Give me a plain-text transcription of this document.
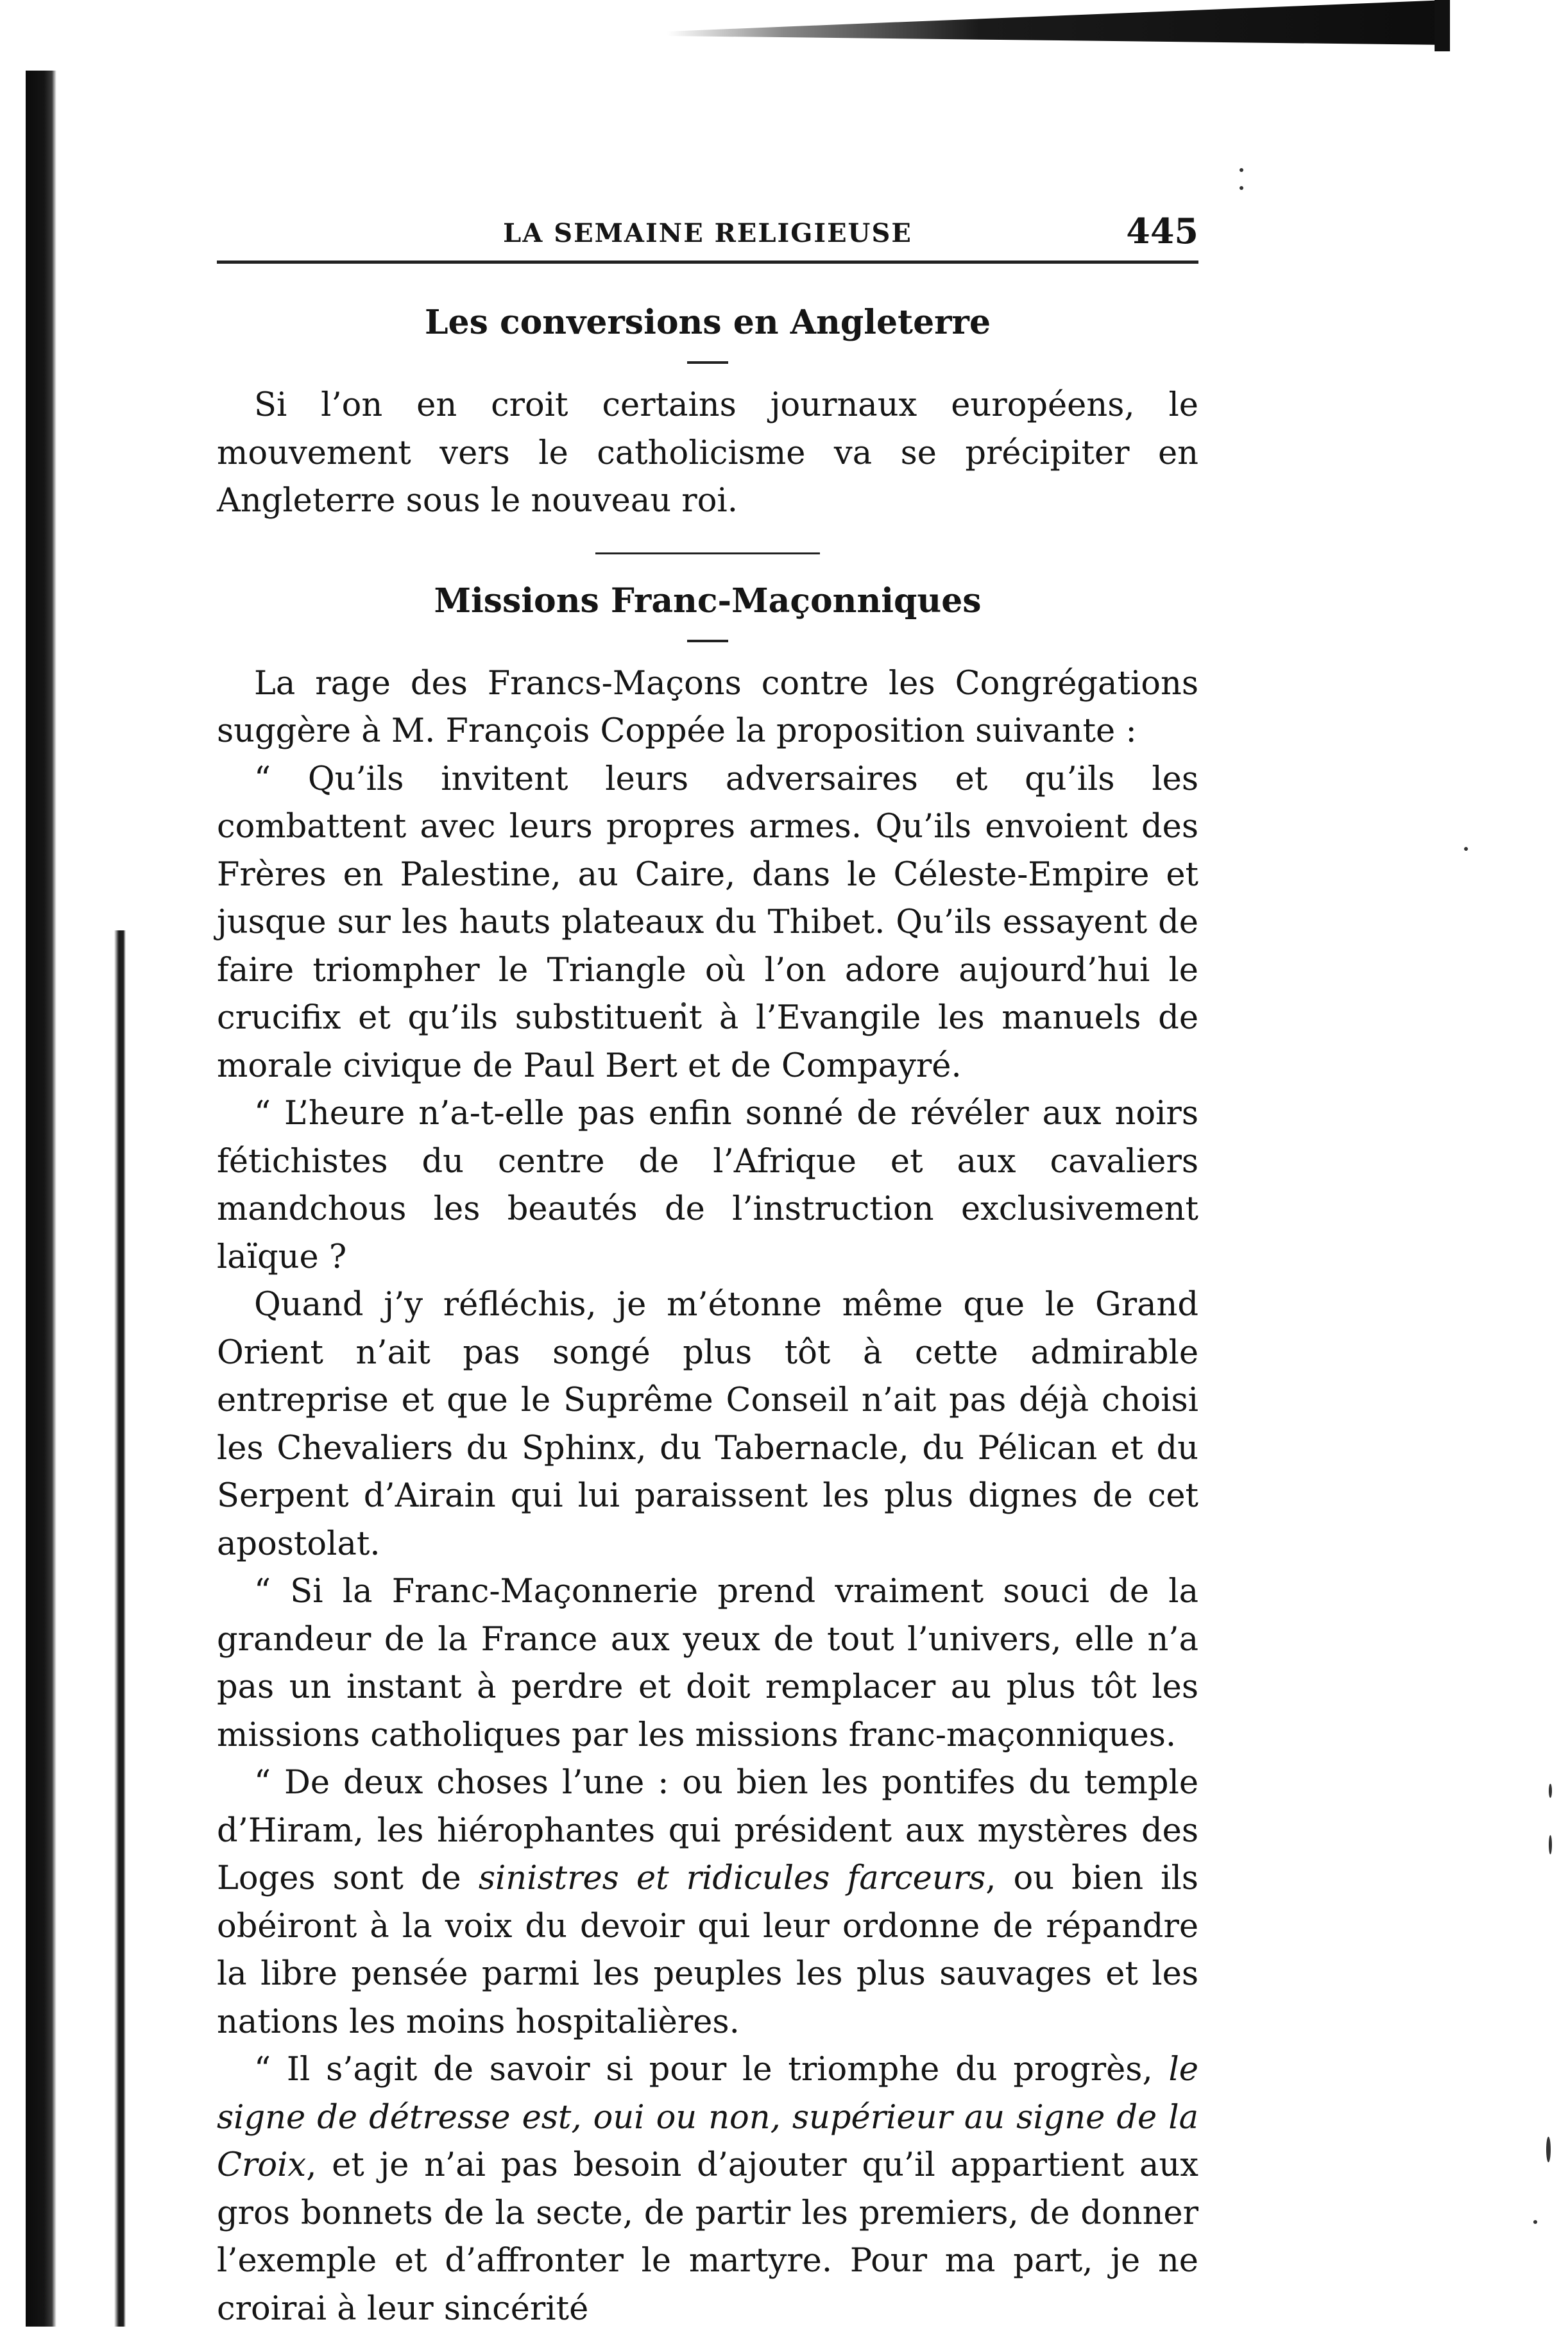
LA SEMAINE RELIGIEUSE	445
Les conversions en Angleterre

Si l’on en croit certains journaux européens, le mouvement vers le catholicisme va se précipiter en Angleterre sous le nouveau roi.

Missions Franc-Maçonniques

La rage des Francs-Maçons contre les Congrégations suggère à M. François Coppée la proposition suivante :

“ Qu’ils invitent leurs adversaires et qu’ils les combattent avec leurs propres armes. Qu’ils envoient des Frères en Palestine, au Caire, dans le Céleste-Empire et jusque sur les hauts plateaux du Thibet. Qu’ils essayent de faire triompher le Triangle où l’on adore aujourd’hui le crucifix et qu’ils substituent à l’Evangile les manuels de morale civique de Paul Bert et de Compayré.

“ L’heure n’a-t-elle pas enfin sonné de révéler aux noirs fétichistes du centre de l’Afrique et aux cavaliers mandchous les beautés de l’instruction exclusivement laïque ?

Quand j’y réfléchis, je m’étonne même que le Grand Orient n’ait pas songé plus tôt à cette admirable entreprise et que le Suprême Conseil n’ait pas déjà choisi les Chevaliers du Sphinx, du Tabernacle, du Pélican et du Serpent d’Airain qui lui paraissent les plus dignes de cet apostolat.

“ Si la Franc-Maçonnerie prend vraiment souci de la grandeur de la France aux yeux de tout l’univers, elle n’a pas un instant à perdre et doit remplacer au plus tôt les missions catholiques par les missions franc-maçonniques.

“ De deux choses l’une : ou bien les pontifes du temple d’Hiram, les hiérophantes qui président aux mystères des Loges sont de sinistres et ridicules farceurs, ou bien ils obéiront à la voix du devoir qui leur ordonne de répandre la libre pensée parmi les peuples les plus sauvages et les nations les moins hospitalières.

“ Il s’agit de savoir si pour le triomphe du progrès, le signe de détresse est, oui ou non, supérieur au signe de la Croix, et je n’ai pas besoin d’ajouter qu’il appartient aux gros bonnets de la secte, de partir les premiers, de donner l’exemple et d’affronter le martyre. Pour ma part, je ne croirai à leur sincérité
